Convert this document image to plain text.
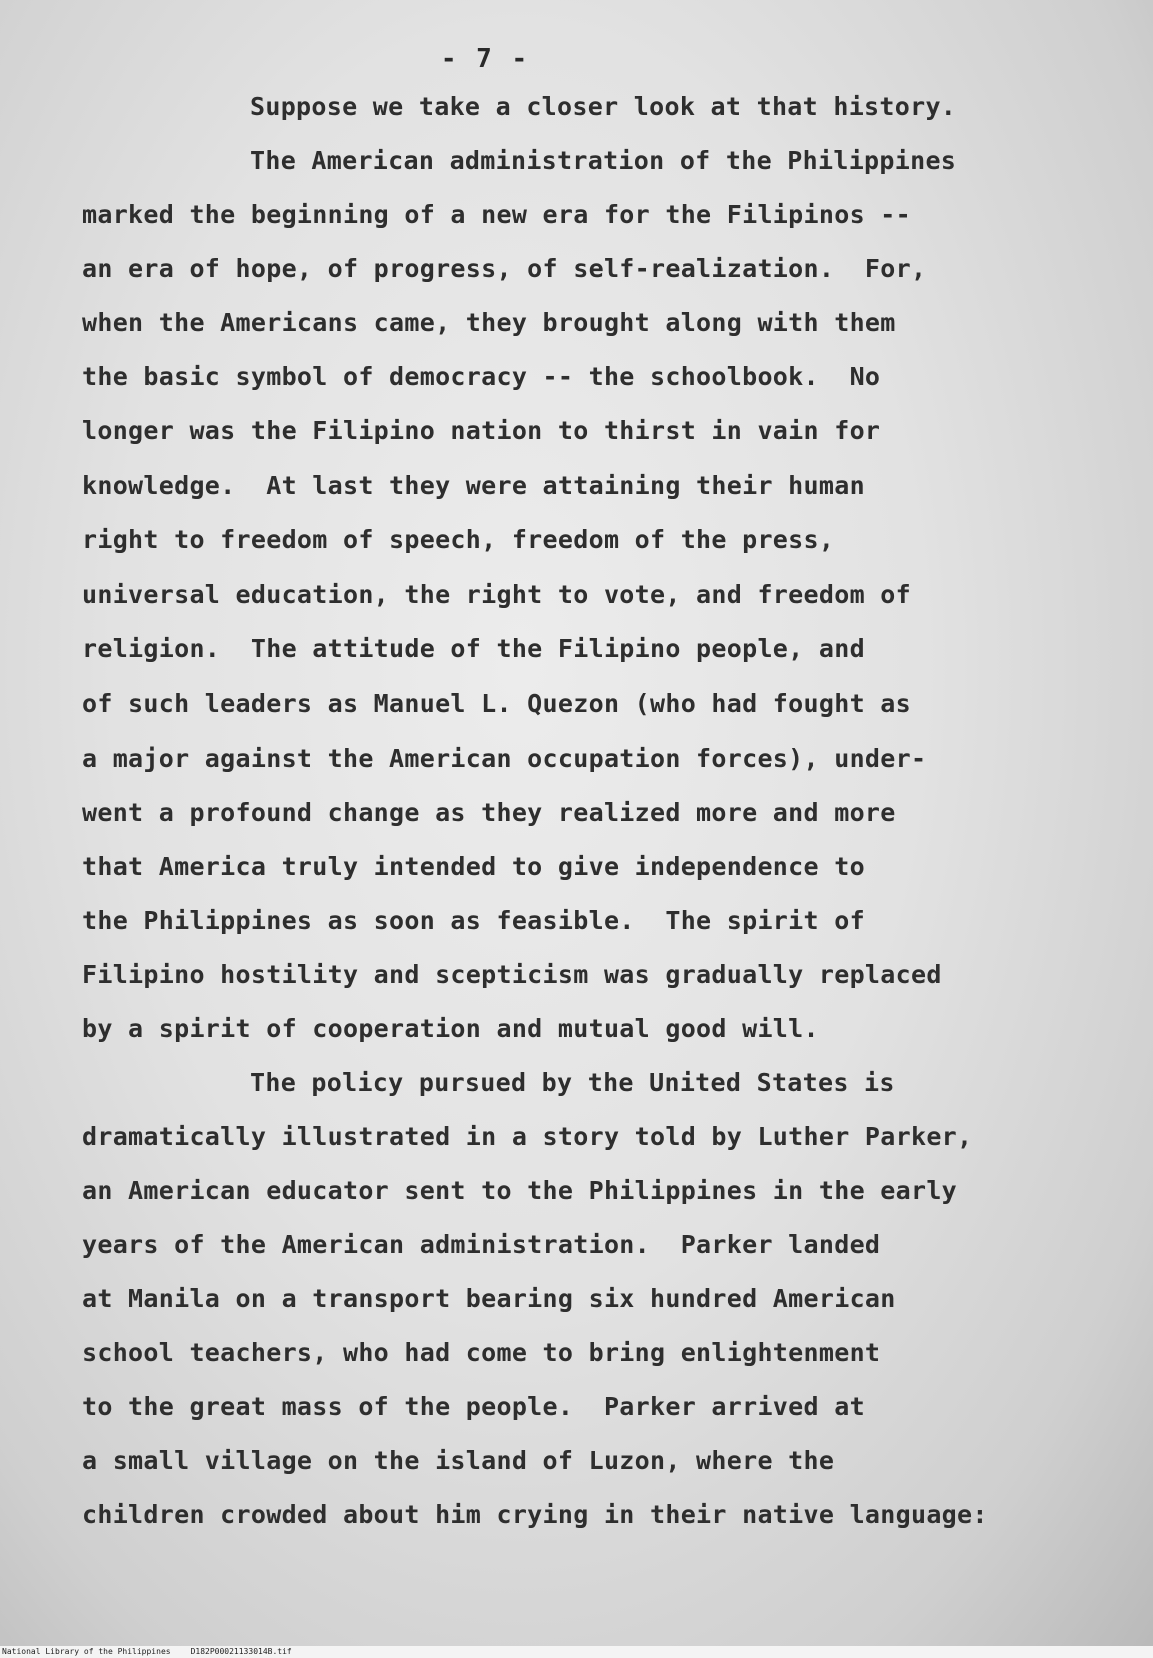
- 7 -
Suppose we take a closer look at that history.
The American administration of the Philippines
marked the beginning of a new era for the Filipinos --
an era of hope, of progress, of self-realization.  For,
when the Americans came, they brought along with them
the basic symbol of democracy -- the schoolbook.  No
longer was the Filipino nation to thirst in vain for
knowledge.  At last they were attaining their human
right to freedom of speech, freedom of the press,
universal education, the right to vote, and freedom of
religion.  The attitude of the Filipino people, and
of such leaders as Manuel L. Quezon (who had fought as
a major against the American occupation forces), under-
went a profound change as they realized more and more
that America truly intended to give independence to
the Philippines as soon as feasible.  The spirit of
Filipino hostility and scepticism was gradually replaced
by a spirit of cooperation and mutual good will.
The policy pursued by the United States is
dramatically illustrated in a story told by Luther Parker,
an American educator sent to the Philippines in the early
years of the American administration.  Parker landed
at Manila on a transport bearing six hundred American
school teachers, who had come to bring enlightenment
to the great mass of the people.  Parker arrived at
a small village on the island of Luzon, where the
children crowded about him crying in their native language:
National Library of the Philippines	D182P00021133014B.tif
